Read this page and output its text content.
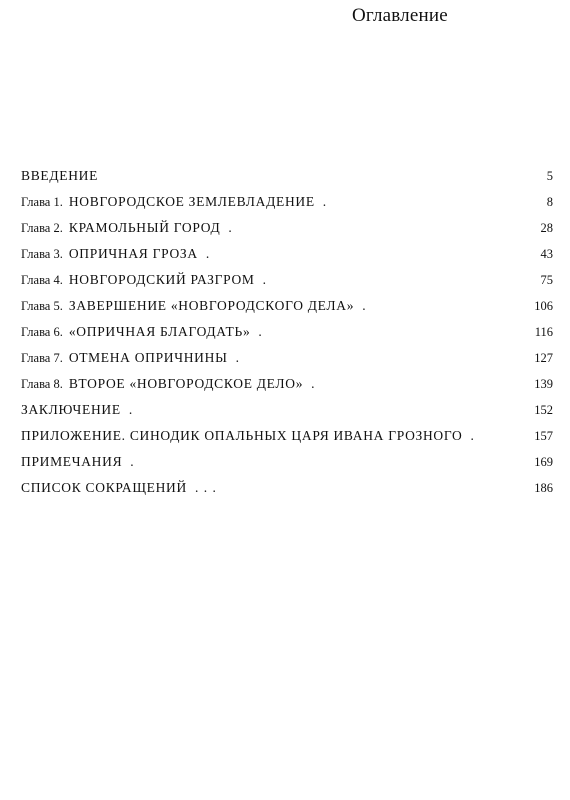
Оглавление
ВВЕДЕНИЕ	5
Глава 1. НОВГОРОДСКОЕ ЗЕМЛЕВЛАДЕНИЕ .	8
Глава 2. КРАМОЛЬНЫЙ ГОРОД .	28
Глава 3. ОПРИЧНАЯ ГРОЗА .	43
Глава 4. НОВГОРОДСКИЙ РАЗГРОМ .	75
Глава 5. ЗАВЕРШЕНИЕ «НОВГОРОДСКОГО ДЕЛА» .	106
Глава 6. «ОПРИЧНАЯ БЛАГОДАТЬ» .	116
Глава 7. ОТМЕНА ОПРИЧНИНЫ .	127
Глава 8. ВТОРОЕ «НОВГОРОДСКОЕ ДЕЛО» .	139
ЗАКЛЮЧЕНИЕ .	152
ПРИЛОЖЕНИЕ. СИНОДИК ОПАЛЬНЫХ ЦАРЯ ИВАНА ГРОЗНОГО .	157
ПРИМЕЧАНИЯ .	169
СПИСОК СОКРАЩЕНИЙ . . .	186
